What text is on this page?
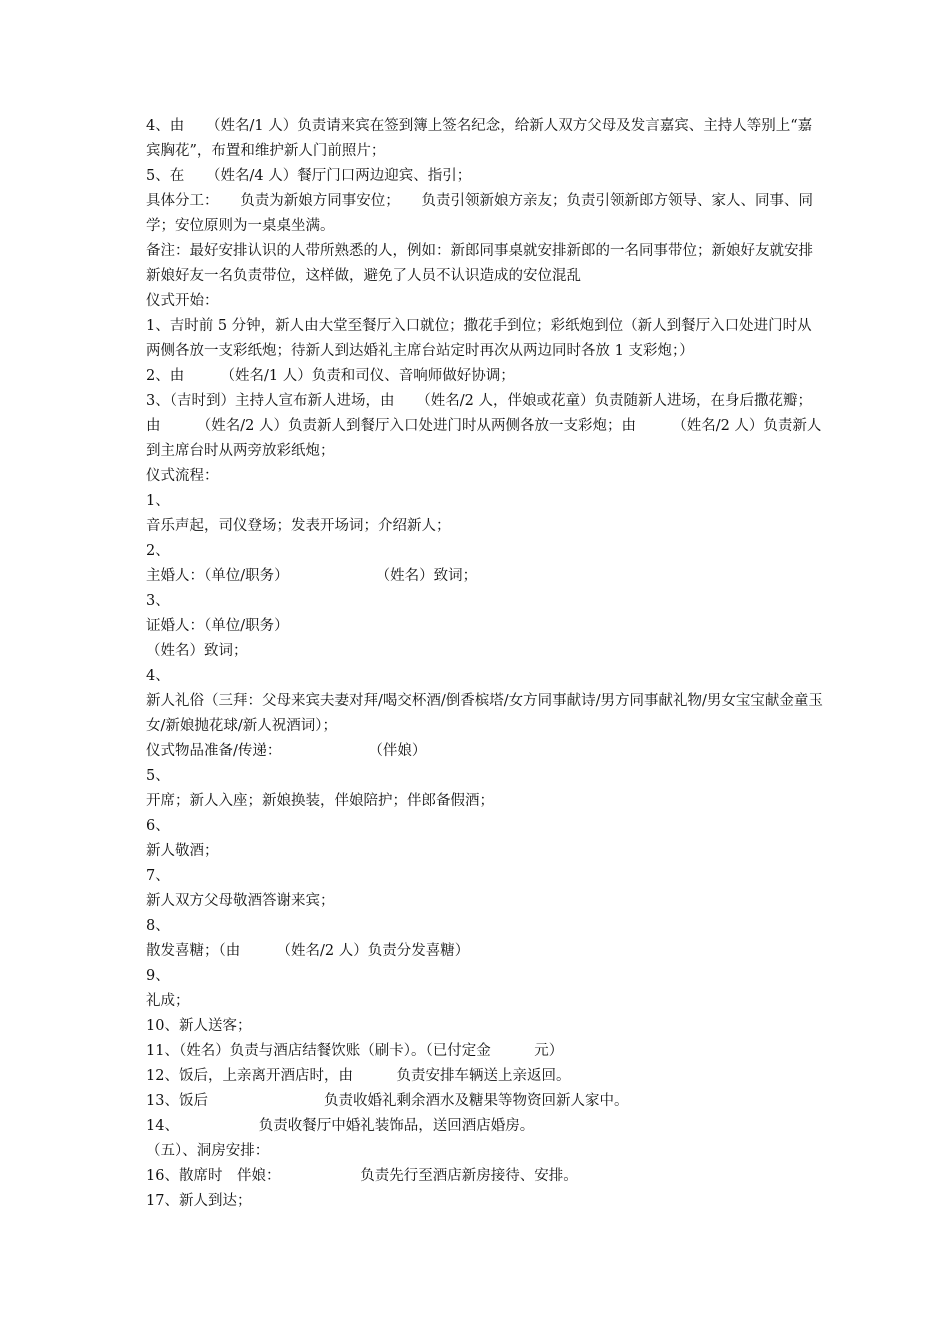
4、由　　（姓名/1 人）负责请来宾在签到簿上签名纪念，给新人双方父母及发言嘉宾、主持人等别上“嘉宾胸花”，布置和维护新人门前照片；
5、在　　（姓名/4 人）餐厅门口两边迎宾、指引；
具体分工：　　负责为新娘方同事安位；　　负责引领新娘方亲友；负责引领新郎方领导、家人、同事、同学；安位原则为一桌桌坐满。
备注：最好安排认识的人带所熟悉的人，例如：新郎同事桌就安排新郎的一名同事带位；新娘好友就安排新娘好友一名负责带位，这样做，避免了人员不认识造成的安位混乱
仪式开始：
1、吉时前 5 分钟，新人由大堂至餐厅入口就位；撒花手到位；彩纸炮到位（新人到餐厅入口处进门时从两侧各放一支彩纸炮；待新人到达婚礼主席台站定时再次从两边同时各放 1 支彩炮；）
2、由　　　（姓名/1 人）负责和司仪、音响师做好协调；
3、（吉时到）主持人宣布新人进场，由　　（姓名/2 人，伴娘或花童）负责随新人进场，在身后撒花瓣；由　　　（姓名/2 人）负责新人到餐厅入口处进门时从两侧各放一支彩炮；由　　　（姓名/2 人）负责新人到主席台时从两旁放彩纸炮；
仪式流程：
1、
音乐声起，司仪登场；发表开场词；介绍新人；
2、
主婚人：（单位/职务）　　　　　　　（姓名）致词；
3、
证婚人：（单位/职务）
（姓名）致词；
4、
新人礼俗（三拜：父母来宾夫妻对拜/喝交杯酒/倒香槟塔/女方同事献诗/男方同事献礼物/男女宝宝献金童玉女/新娘抛花球/新人祝酒词）；
仪式物品准备/传递：　　　　　　　（伴娘）
5、
开席；新人入座；新娘换装，伴娘陪护；伴郎备假酒；
6、
新人敬酒；
7、
新人双方父母敬酒答谢来宾；
8、
散发喜糖；（由　　　（姓名/2 人）负责分发喜糖）
9、
礼成；
10、新人送客；
11、（姓名）负责与酒店结餐饮账（刷卡）。（已付定金　　　元）
12、饭后，上亲离开酒店时，由　　　负责安排车辆送上亲返回。
13、饭后　　　　　　　　负责收婚礼剩余酒水及糖果等物资回新人家中。
14、　　　　　　负责收餐厅中婚礼装饰品，送回酒店婚房。
（五）、洞房安排：
16、散席时　伴娘：　　　　　　负责先行至酒店新房接待、安排。
17、新人到达；
